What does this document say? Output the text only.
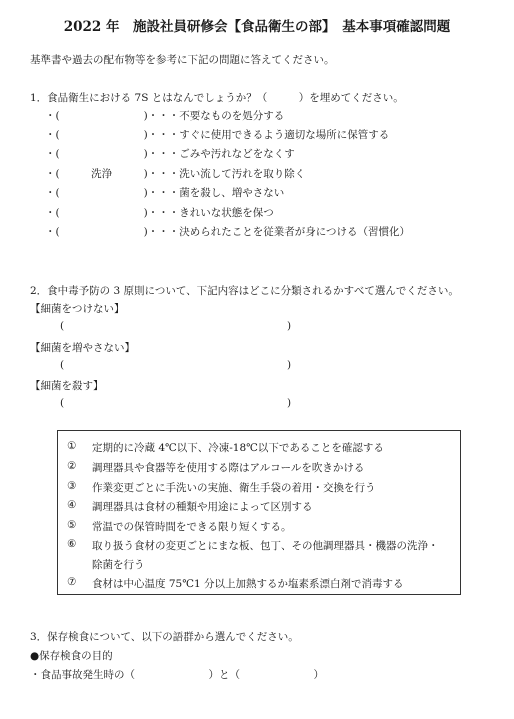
2022 年　施設社員研修会【食品衛生の部】　基本事項確認問題
基準書や過去の配布物等を参考に下記の問題に答えてください。
1．食品衛生における 7S とはなんでしょうか？（　　　）を埋めてください。
・(	)・・・不要なものを処分する
・(	)・・・すぐに使用できるよう適切な場所に保管する
・(	)・・・ごみや汚れなどをなくす
・(	洗浄	)・・・洗い流して汚れを取り除く
・(	)・・・菌を殺し、増やさない
・(	)・・・きれいな状態を保つ
・(	)・・・決められたことを従業者が身につける（習慣化）
2．食中毒予防の 3 原則について、下記内容はどこに分類されるかすべて選んでください。
【細菌をつけない】
(	)
【細菌を増やさない】
(	)
【細菌を殺す】
(	)
① 定期的に冷蔵 4℃以下、冷凍-18℃以下であることを確認する
② 調理器具や食器等を使用する際はアルコールを吹きかける
③ 作業変更ごとに手洗いの実施、衛生手袋の着用・交換を行う
④ 調理器具は食材の種類や用途によって区別する
⑤ 常温での保管時間をできる限り短くする。
⑥ 取り扱う食材の変更ごとにまな板、包丁、その他調理器具・機器の洗浄・
除菌を行う
⑦ 食材は中心温度 75℃1 分以上加熱するか塩素系漂白剤で消毒する
3．保存検食について、以下の語群から選んでください。
●保存検食の目的
・食品事故発生時の（　　　　　　　）と（　　　　　　　）
